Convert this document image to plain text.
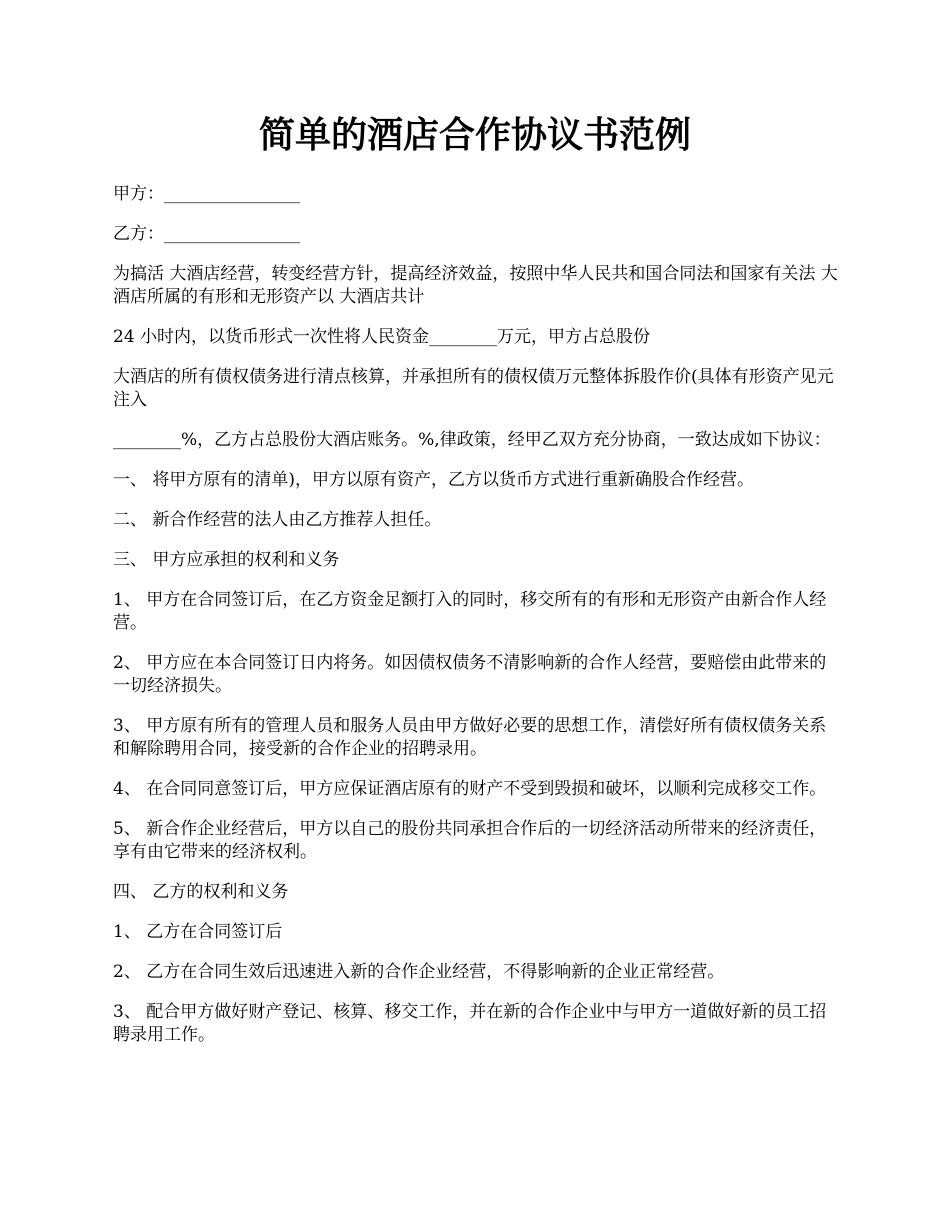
简单的酒店合作协议书范例

甲方：________________

乙方：________________

为搞活 大酒店经营，转变经营方针，提高经济效益，按照中华人民共和国合同法和国家有关法 大酒店所属的有形和无形资产以 大酒店共计

24 小时内，以货币形式一次性将人民资金________万元，甲方占总股份

大酒店的所有债权债务进行清点核算，并承担所有的债权债万元整体拆股作价(具体有形资产见元注入

________%，乙方占总股份大酒店账务。%,律政策，经甲乙双方充分协商，一致达成如下协议：

一、 将甲方原有的清单)，甲方以原有资产，乙方以货币方式进行重新确股合作经营。

二、 新合作经营的法人由乙方推荐人担任。

三、 甲方应承担的权利和义务

1、 甲方在合同签订后，在乙方资金足额打入的同时，移交所有的有形和无形资产由新合作人经营。

2、 甲方应在本合同签订日内将务。如因债权债务不清影响新的合作人经营，要赔偿由此带来的一切经济损失。

3、 甲方原有所有的管理人员和服务人员由甲方做好必要的思想工作，清偿好所有债权债务关系和解除聘用合同，接受新的合作企业的招聘录用。

4、 在合同同意签订后，甲方应保证酒店原有的财产不受到毁损和破坏，以顺利完成移交工作。

5、 新合作企业经营后，甲方以自己的股份共同承担合作后的一切经济活动所带来的经济责任，享有由它带来的经济权利。

四、 乙方的权利和义务

1、 乙方在合同签订后

2、 乙方在合同生效后迅速进入新的合作企业经营，不得影响新的企业正常经营。

3、 配合甲方做好财产登记、核算、移交工作，并在新的合作企业中与甲方一道做好新的员工招聘录用工作。
